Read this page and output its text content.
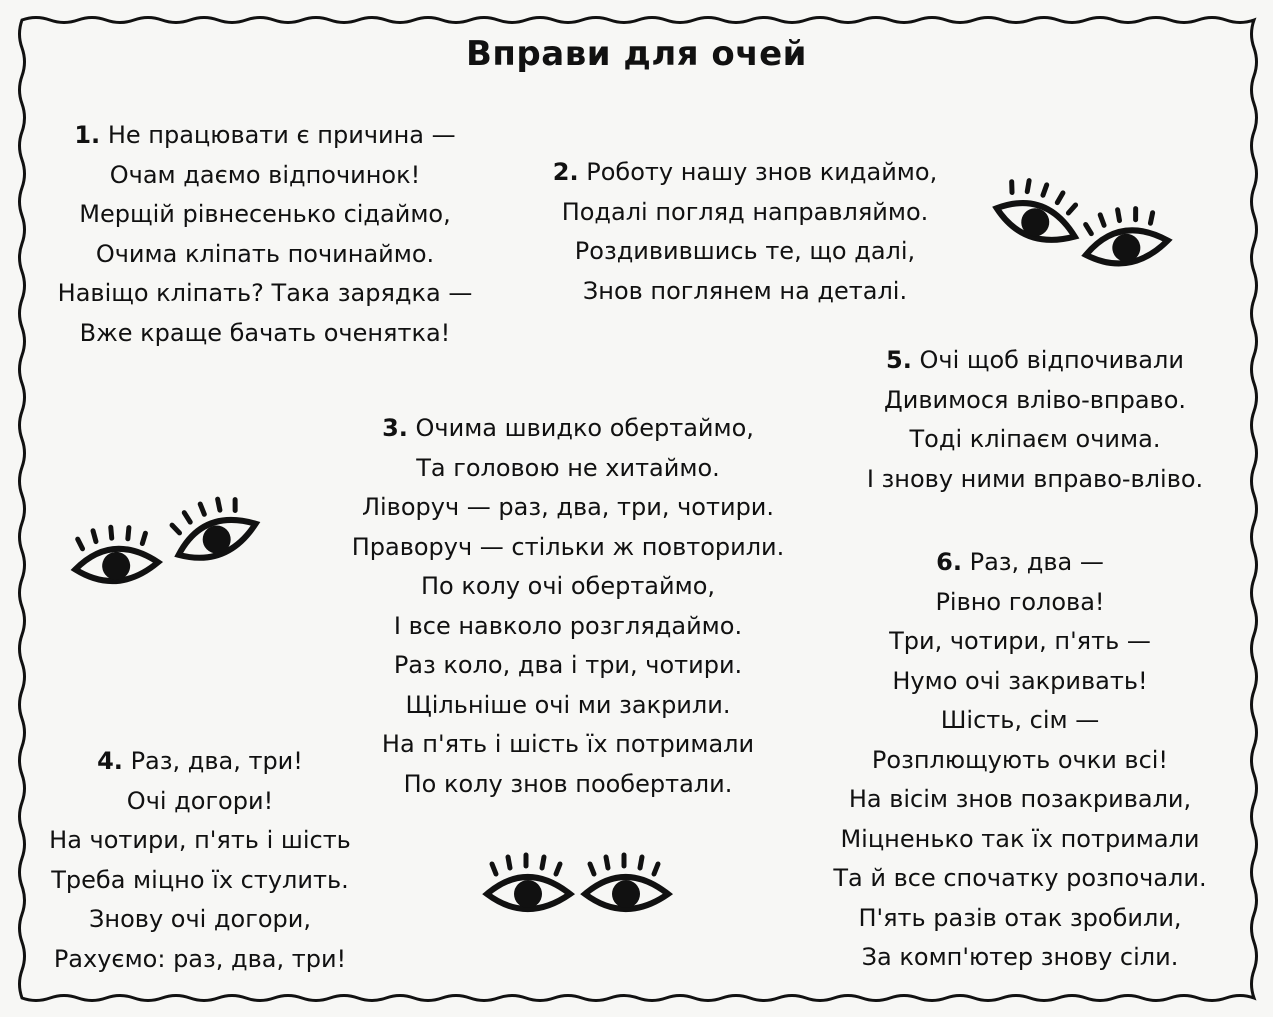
Вправи для очей
1. Не працювати є причина —
Очам даємо відпочинок!
Мерщій рівнесенько сідаймо,
Очима кліпать починаймо.
Навіщо кліпать? Така зарядка —
Вже краще бачать оченятка!
2. Роботу нашу знов кидаймо,
Подалі погляд направляймо.
Роздивившись те, що далі,
Знов поглянем на деталі.
3. Очима швидко обертаймо,
Та головою не хитаймо.
Ліворуч — раз, два, три, чотири.
Праворуч — стільки ж повторили.
По колу очі обертаймо,
І все навколо розглядаймо.
Раз коло, два і три, чотири.
Щільніше очі ми закрили.
На п'ять і шість їх потримали
По колу знов пообертали.
4. Раз, два, три!
Очі догори!
На чотири, п'ять і шість
Треба міцно їх стулить.
Знову очі догори,
Рахуємо: раз, два, три!
5. Очі щоб відпочивали
Дивимося вліво-вправо.
Тоді кліпаєм очима.
І знову ними вправо-вліво.
6. Раз, два —
Рівно голова!
Три, чотири, п'ять —
Нумо очі закривать!
Шість, сім —
Розплющують очки всі!
На вісім знов позакривали,
Міцненько так їх потримали
Та й все спочатку розпочали.
П'ять разів отак зробили,
За комп'ютер знову сіли.
